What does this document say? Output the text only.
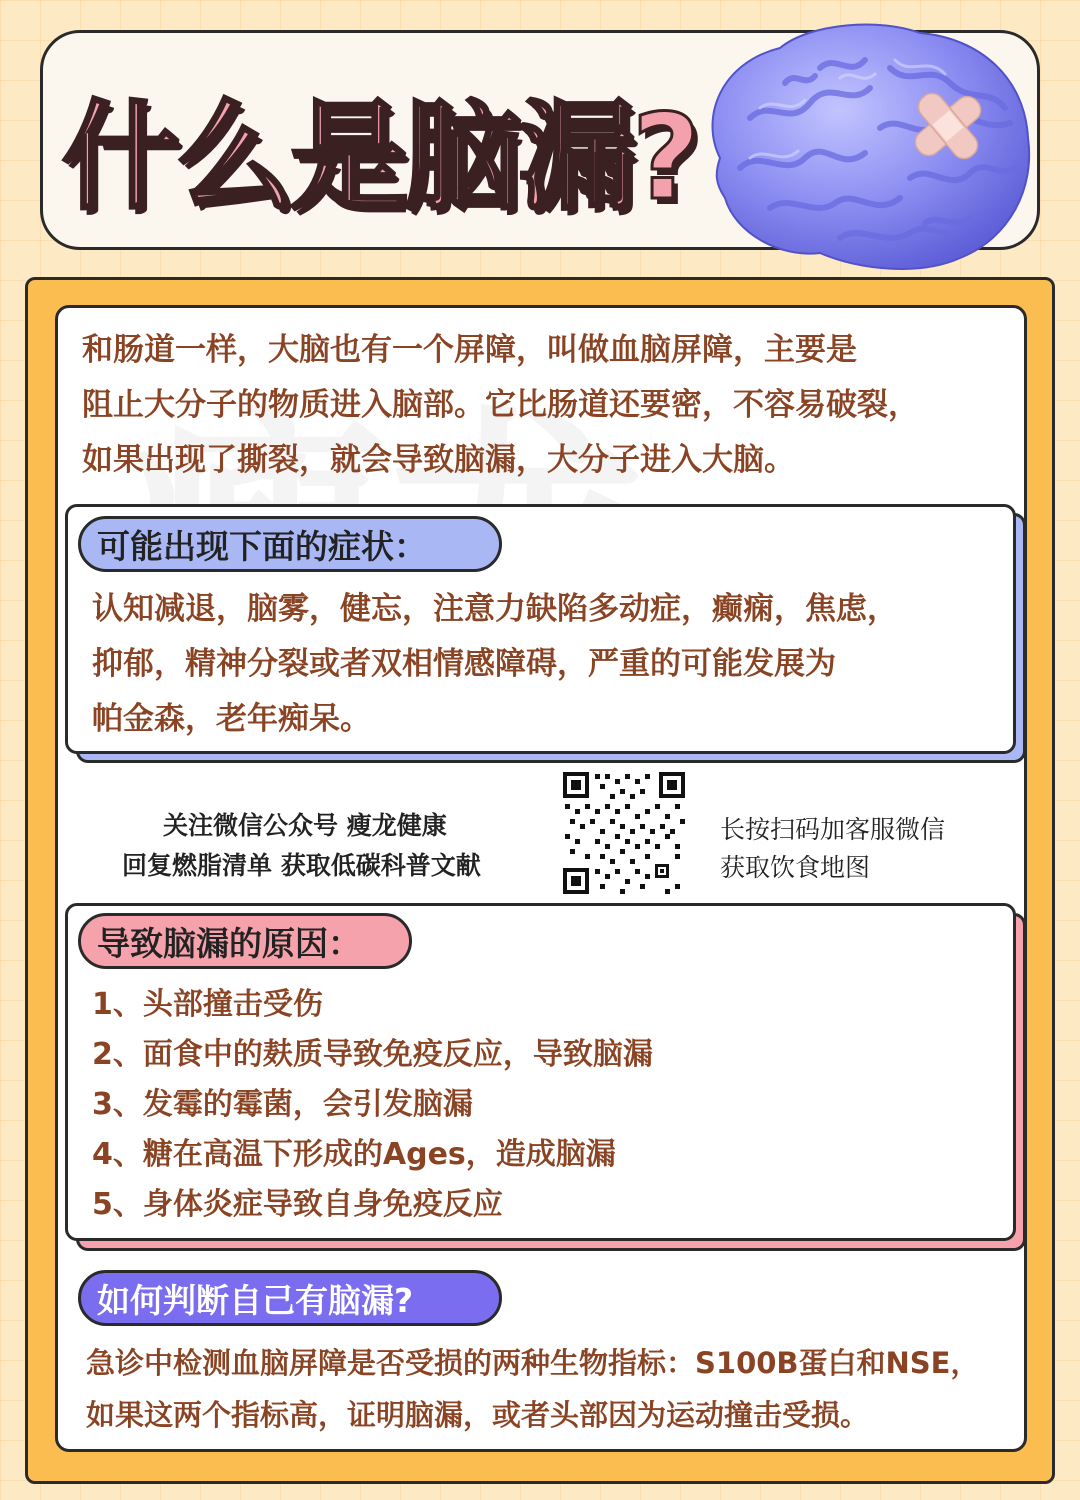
什么是脑漏?
和肠道一样，大脑也有一个屏障，叫做血脑屏障，主要是
阻止大分子的物质进入脑部。它比肠道还要密，不容易破裂，
如果出现了撕裂，就会导致脑漏，大分子进入大脑。
可能出现下面的症状：
认知减退，脑雾，健忘，注意力缺陷多动症，癫痫，焦虑，
抑郁，精神分裂或者双相情感障碍，严重的可能发展为
帕金森，老年痴呆。
关注微信公众号 瘦龙健康
回复燃脂清单 获取低碳科普文献
长按扫码加客服微信
获取饮食地图
导致脑漏的原因：
1、头部撞击受伤
2、面食中的麸质导致免疫反应，导致脑漏
3、发霉的霉菌，会引发脑漏
4、糖在高温下形成的Ages，造成脑漏
5、身体炎症导致自身免疫反应
如何判断自己有脑漏?
急诊中检测血脑屏障是否受损的两种生物指标：S100B蛋白和NSE，
如果这两个指标高，证明脑漏，或者头部因为运动撞击受损。
